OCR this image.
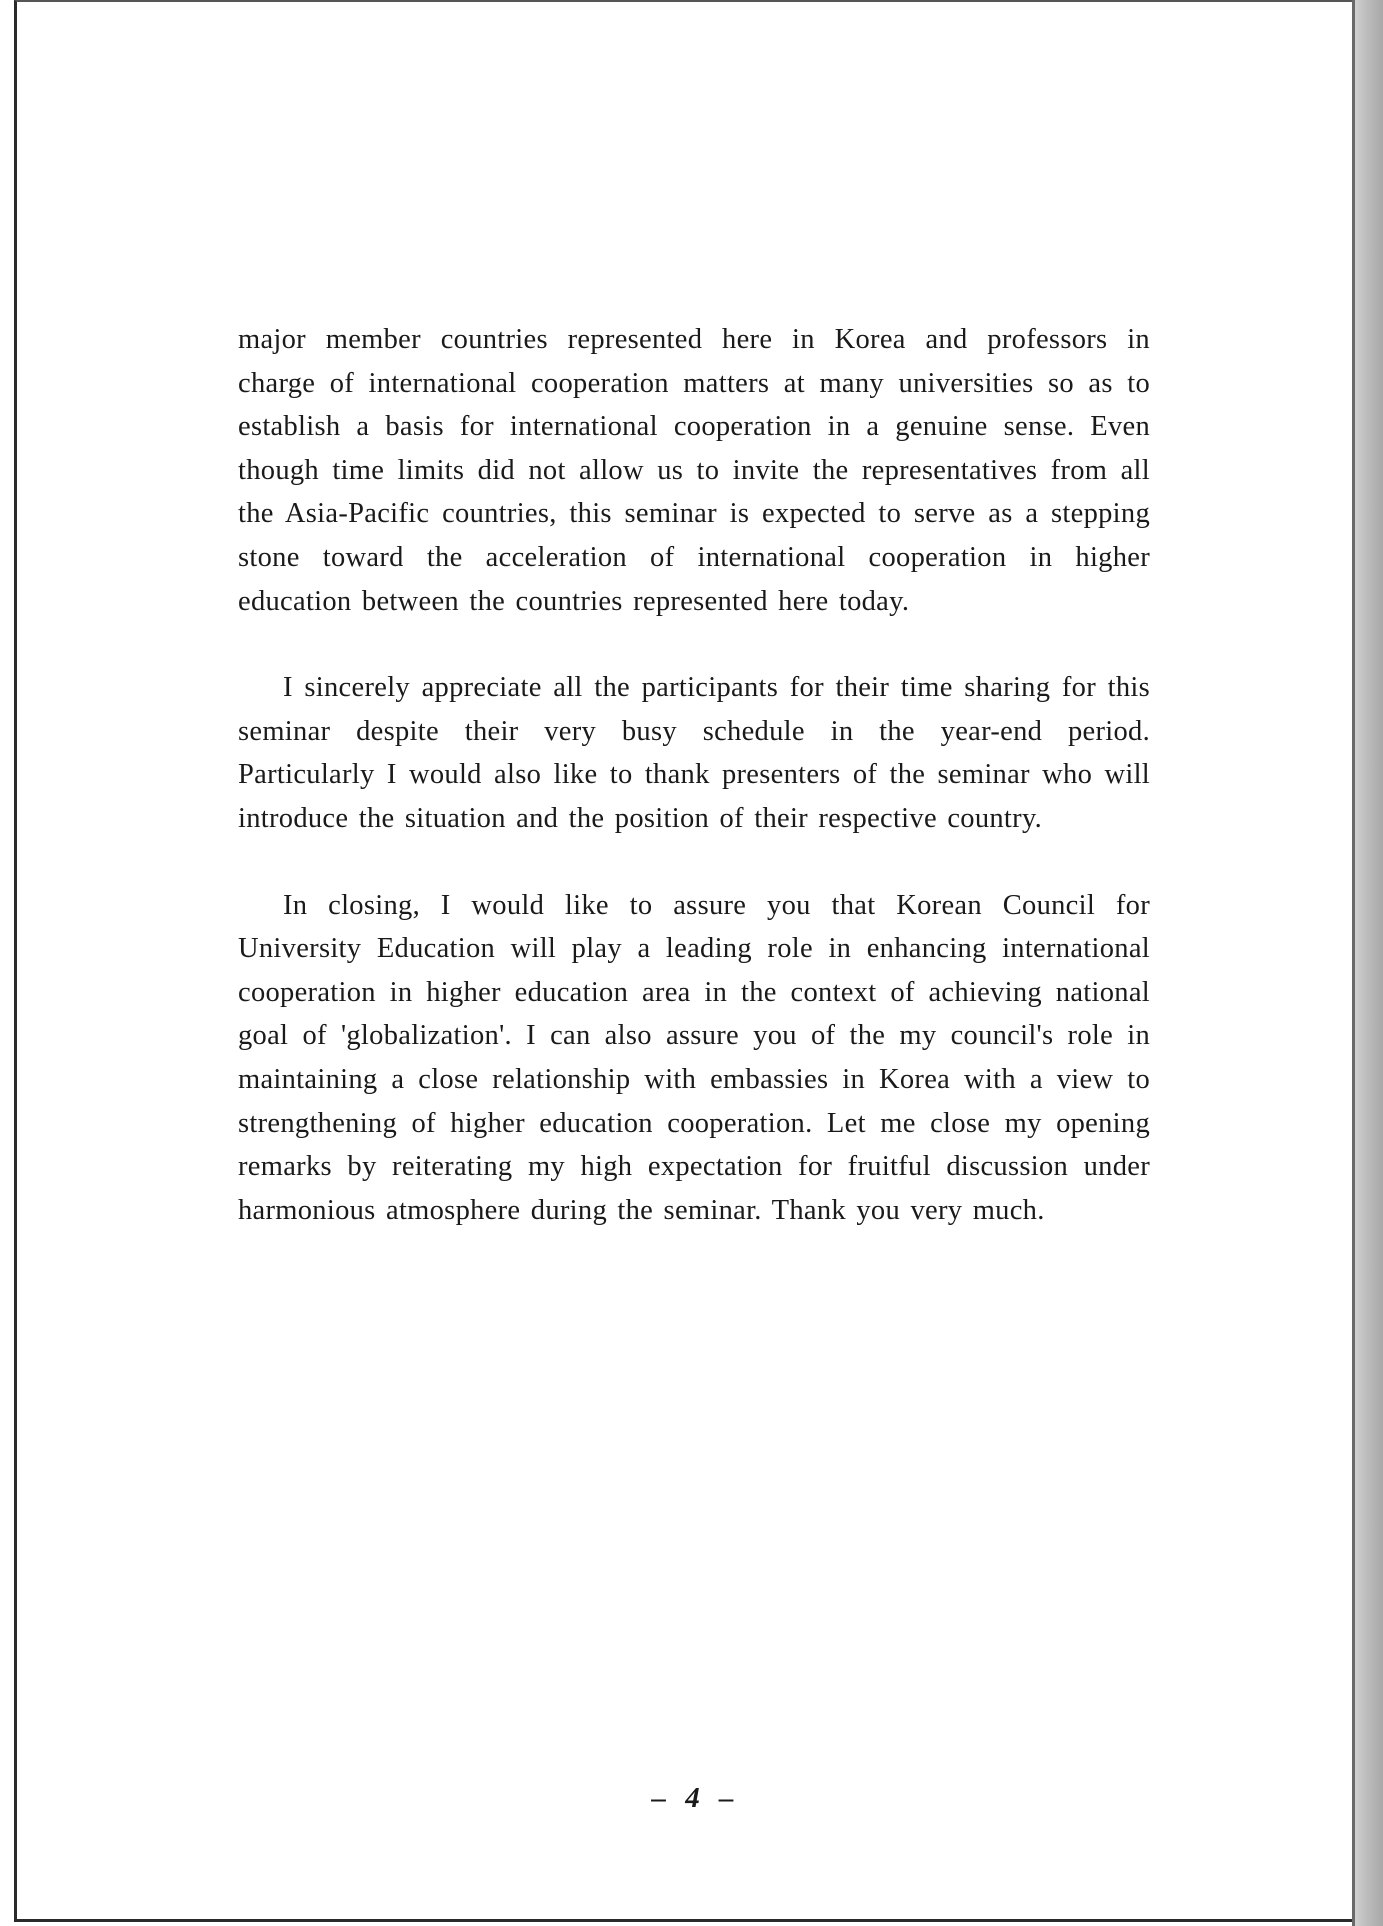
major member countries represented here in Korea and professors in charge of international cooperation matters at many universities so as to establish a basis for international cooperation in a genuine sense. Even though time limits did not allow us to invite the representatives from all the Asia-Pacific countries, this seminar is expected to serve as a stepping stone toward the acceleration of international cooperation in higher education between the countries represented here today.

I sincerely appreciate all the participants for their time sharing for this seminar despite their very busy schedule in the year-end period. Particularly I would also like to thank presenters of the seminar who will introduce the situation and the position of their respective country.

In closing, I would like to assure you that Korean Council for University Education will play a leading role in enhancing international cooperation in higher education area in the context of achieving national goal of 'globalization'. I can also assure you of the my council's role in maintaining a close relationship with embassies in Korea with a view to strengthening of higher education cooperation. Let me close my opening remarks by reiterating my high expectation for fruitful discussion under harmonious atmosphere during the seminar. Thank you very much.

– 4 –
